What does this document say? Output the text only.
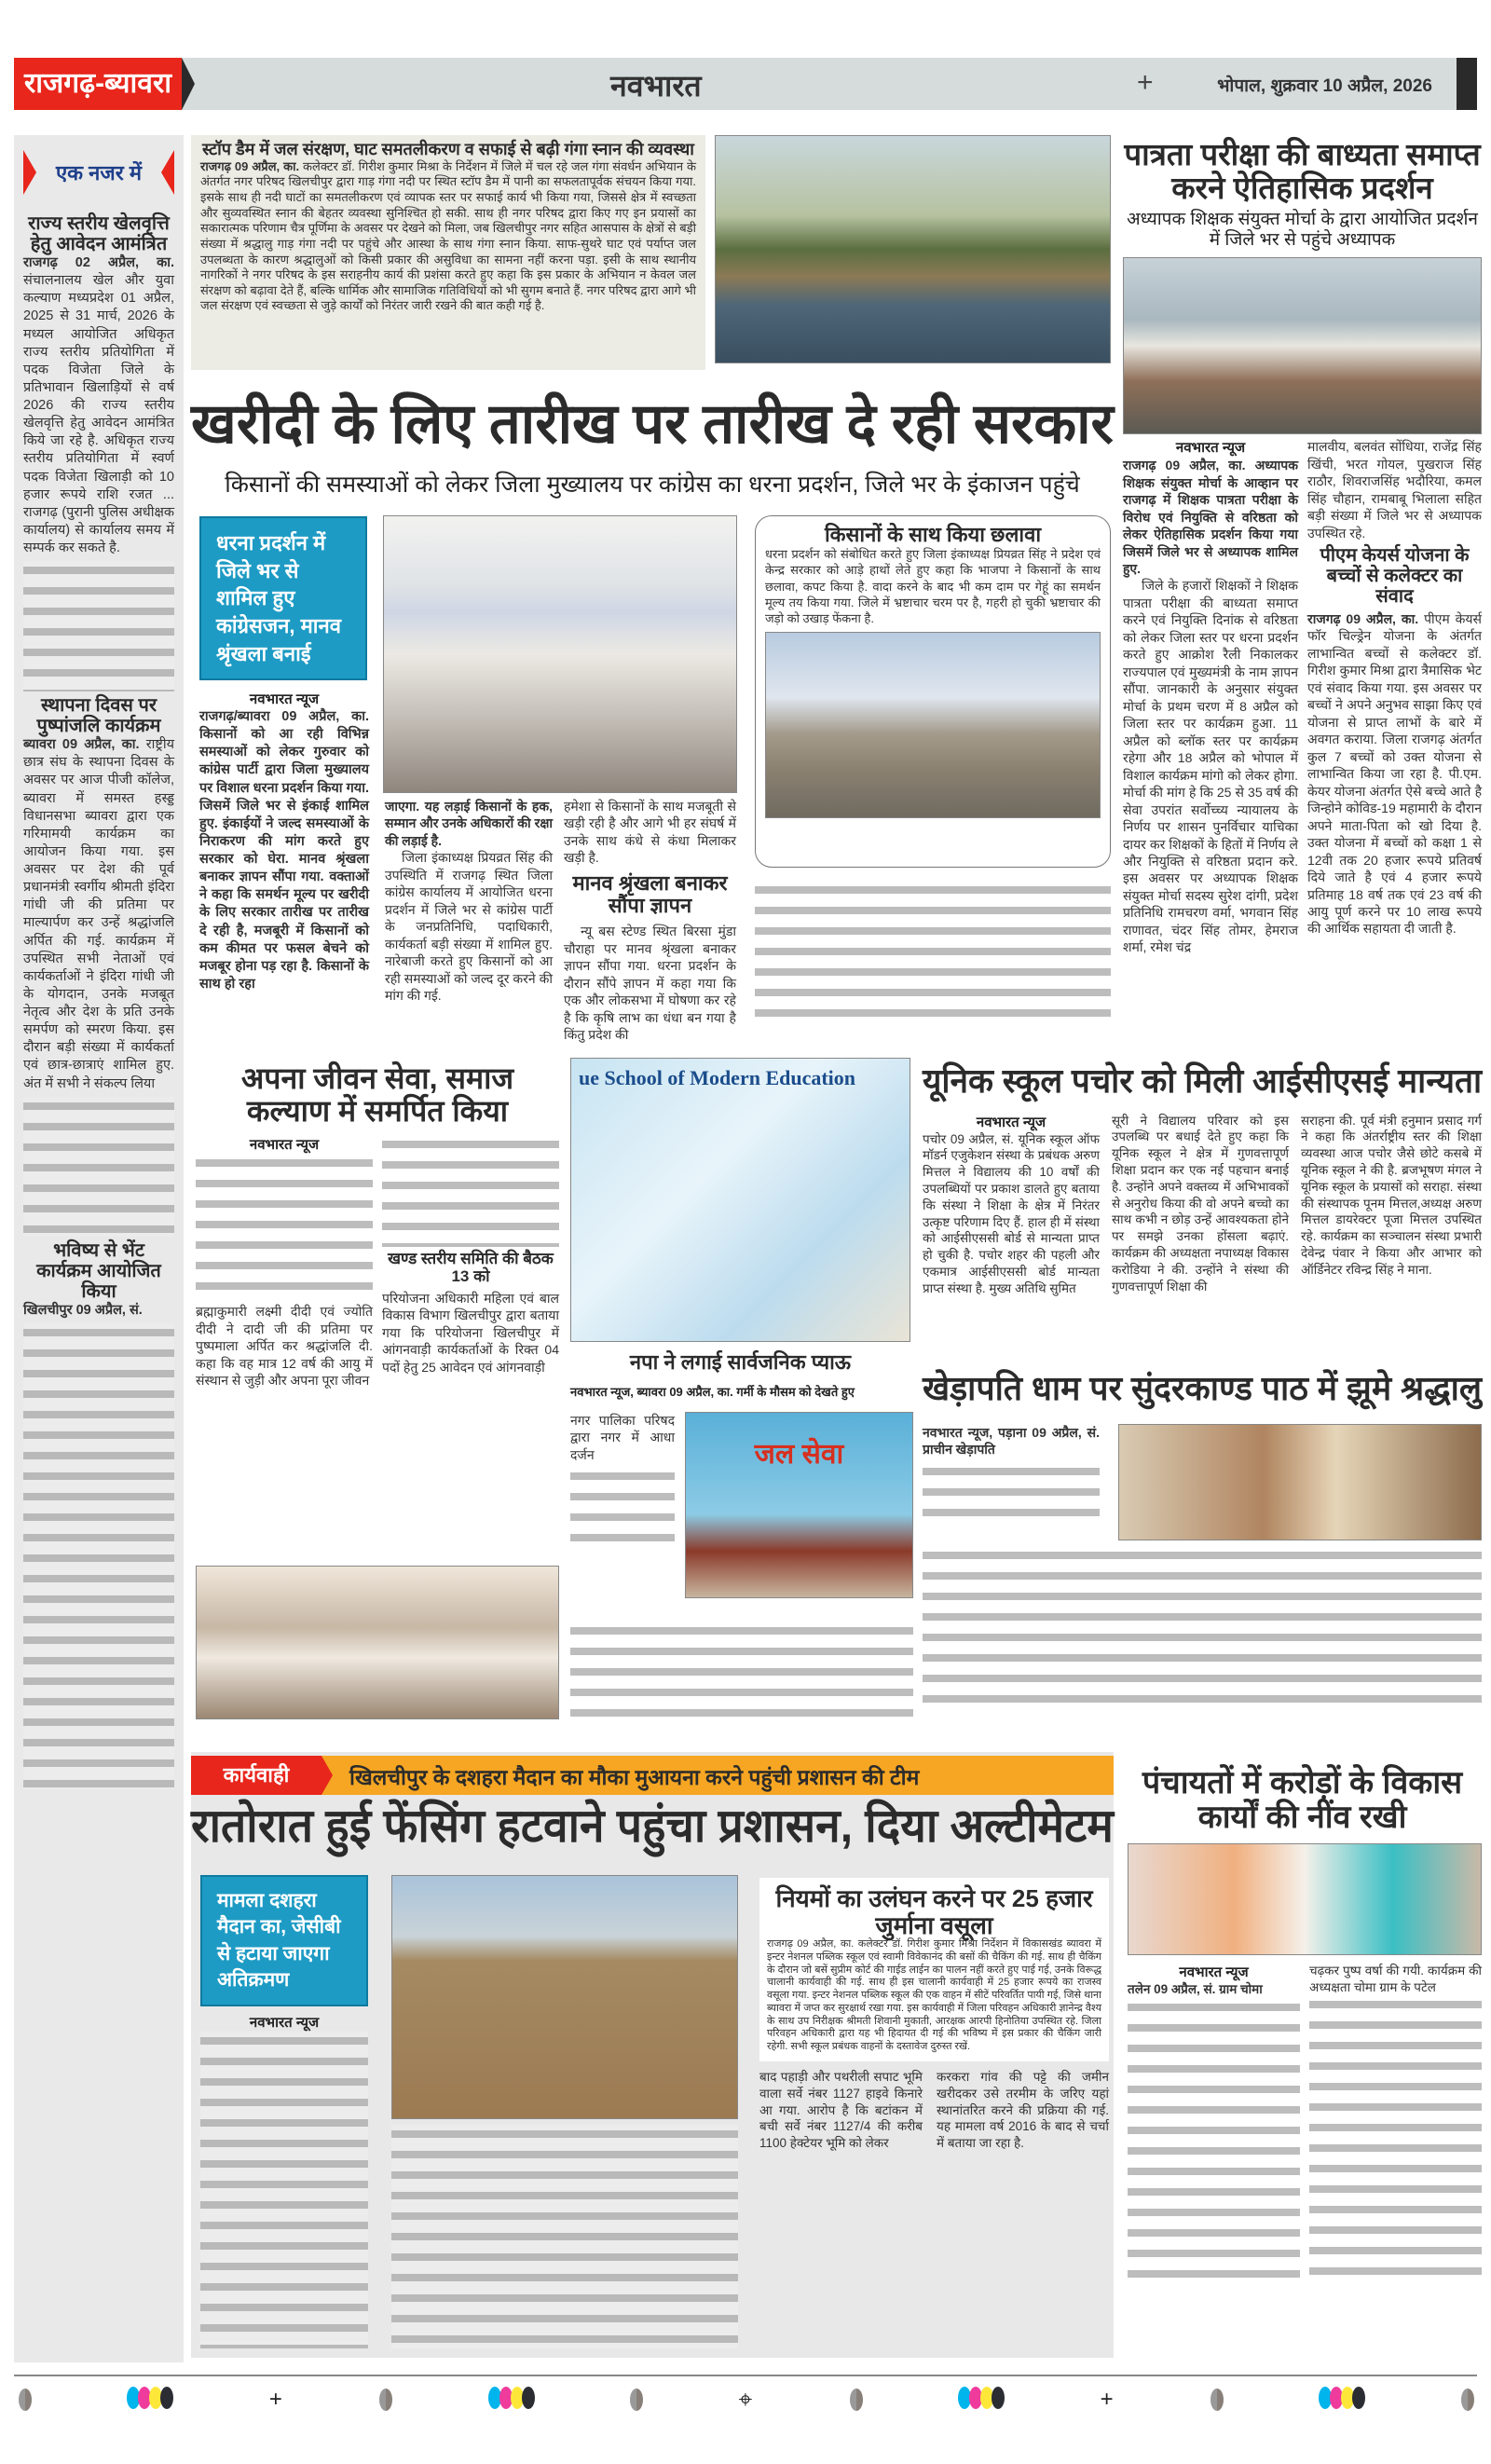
राजगढ़-ब्यावरा	नवभारत	+	भोपाल, शुक्रवार 10 अप्रैल, 2026
एक नजर में
राज्य स्तरीय खेलवृत्ति हेतु आवेदन आमंत्रित
राजगढ़ 02 अप्रैल, का. संचालनालय खेल और युवा कल्याण मध्यप्रदेश 01 अप्रैल, 2025 से 31 मार्च, 2026 के मध्यल आयोजित अधिकृत राज्य स्तरीय प्रतियोगिता में पदक विजेता जिले के प्रतिभावान खिलाड़ियों से वर्ष 2026 की राज्य स्तरीय खेलवृत्ति हेतु आवेदन आमंत्रित किये जा रहे है. अधिकृत राज्य स्तरीय प्रतियोगिता में स्वर्ण पदक विजेता खिलाड़ी को 10 हजार रूपये राशि रजत ... राजगढ़ (पुरानी पुलिस अधीक्षक कार्यालय) से कार्यालय समय में सम्पर्क कर सकते है.
स्थापना दिवस पर पुष्पांजलि कार्यक्रम
ब्यावरा 09 अप्रैल, का. राष्ट्रीय छात्र संघ के स्थापना दिवस के अवसर पर आज पीजी कॉलेज, ब्यावरा में समस्त हस्ड्ड विधानसभा ब्यावरा द्वारा एक गरिमामयी कार्यक्रम का आयोजन किया गया. इस अवसर पर देश की पूर्व प्रधानमंत्री स्वर्गीय श्रीमती इंदिरा गांधी जी की प्रतिमा पर माल्यार्पण कर उन्हें श्रद्धांजलि अर्पित की गई. कार्यक्रम में उपस्थित सभी नेताओं एवं कार्यकर्ताओं ने इंदिरा गांधी जी के योगदान, उनके मजबूत नेतृत्व और देश के प्रति उनके समर्पण को स्मरण किया. इस दौरान बड़ी संख्या में कार्यकर्ता एवं छात्र-छात्राएं शामिल हुए. अंत में सभी ने संकल्प लिया
भविष्य से भेंट कार्यक्रम आयोजित किया
खिलचीपुर 09 अप्रैल, सं.
स्टॉप डैम में जल संरक्षण, घाट समतलीकरण व सफाई से बढ़ी गंगा स्नान की व्यवस्था
राजगढ़ 09 अप्रैल, का. कलेक्टर डॉ. गिरीश कुमार मिश्रा के निर्देशन में जिले में चल रहे जल गंगा संवर्धन अभियान के अंतर्गत नगर परिषद खिलचीपुर द्वारा गाड़ गंगा नदी पर स्थित स्टॉप डैम में पानी का सफलतापूर्वक संचयन किया गया. इसके साथ ही नदी घाटों का समतलीकरण एवं व्यापक स्तर पर सफाई कार्य भी किया गया, जिससे क्षेत्र में स्वच्छता और सुव्यवस्थित स्नान की बेहतर व्यवस्था सुनिश्चित हो सकी. साथ ही नगर परिषद द्वारा किए गए इन प्रयासों का सकारात्मक परिणाम चैत्र पूर्णिमा के अवसर पर देखने को मिला, जब खिलचीपुर नगर सहित आसपास के क्षेत्रों से बड़ी संख्या में श्रद्धालु गाड़ गंगा नदी पर पहुंचे और आस्था के साथ गंगा स्नान किया. साफ-सुथरे घाट एवं पर्याप्त जल उपलब्धता के कारण श्रद्धालुओं को किसी प्रकार की असुविधा का सामना नहीं करना पड़ा. इसी के साथ स्थानीय नागरिकों ने नगर परिषद के इस सराहनीय कार्य की प्रशंसा करते हुए कहा कि इस प्रकार के अभियान न केवल जल संरक्षण को बढ़ावा देते हैं, बल्कि धार्मिक और सामाजिक गतिविधियों को भी सुगम बनाते हैं. नगर परिषद द्वारा आगे भी जल संरक्षण एवं स्वच्छता से जुड़े कार्यों को निरंतर जारी रखने की बात कही गई है.
पात्रता परीक्षा की बाध्यता समाप्त करने ऐतिहासिक प्रदर्शन
अध्यापक शिक्षक संयुक्त मोर्चा के द्वारा आयोजित प्रदर्शन में जिले भर से पहुंचे अध्यापक
नवभारत न्यूज
राजगढ़ 09 अप्रैल, का. अध्यापक शिक्षक संयुक्त मोर्चा के आव्हान पर राजगढ़ में शिक्षक पात्रता परीक्षा के विरोध एवं नियुक्ति से वरिष्ठता को लेकर ऐतिहासिक प्रदर्शन किया गया जिसमें जिले भर से अध्यापक शामिल हुए.
जिले के हजारों शिक्षकों ने शिक्षक पात्रता परीक्षा की बाध्यता समाप्त करने एवं नियुक्ति दिनांक से वरिष्ठता को लेकर जिला स्तर पर धरना प्रदर्शन करते हुए आक्रोश रैली निकालकर राज्यपाल एवं मुख्यमंत्री के नाम ज्ञापन सौंपा. जानकारी के अनुसार संयुक्त मोर्चा के प्रथम चरण में 8 अप्रैल को जिला स्तर पर कार्यक्रम हुआ. 11 अप्रैल को ब्लॉक स्तर पर कार्यक्रम रहेगा और 18 अप्रैल को भोपाल में विशाल कार्यक्रम मांगो को लेकर होगा. मोर्चा की मांग हे कि 25 से 35 वर्ष की सेवा उपरांत सर्वोच्च्य न्यायालय के निर्णय पर शासन पुनर्विचार याचिका दायर कर शिक्षकों के हितों में निर्णय ले और नियुक्ति से वरिष्ठता प्रदान करे. इस अवसर पर अध्यापक शिक्षक संयुक्त मोर्चा सदस्य सुरेश दांगी, प्रदेश प्रतिनिधि रामचरण वर्मा, भगवान सिंह राणावत, चंदर सिंह तोमर, हेमराज शर्मा, रमेश चंद्र
मालवीय, बलवंत सोंधिया, राजेंद्र सिंह खिंची, भरत गोयल, पुखराज सिंह राठौर, शिवराजसिंह भदौरिया, कमल सिंह चौहान, रामबाबू भिलाला सहित बड़ी संख्या में जिले भर से अध्यापक उपस्थित रहे.
पीएम केयर्स योजना के बच्चों से कलेक्टर का संवाद
राजगढ़ 09 अप्रैल, का. पीएम केयर्स फॉर चिल्ड्रेन योजना के अंतर्गत लाभान्वित बच्चों से कलेक्टर डॉ. गिरीश कुमार मिश्रा द्वारा त्रैमासिक भेट एवं संवाद किया गया. इस अवसर पर बच्चों ने अपने अनुभव साझा किए एवं योजना से प्राप्त लाभों के बारे में अवगत कराया. जिला राजगढ़ अंतर्गत कुल 7 बच्चों को उक्त योजना से लाभान्वित किया जा रहा है. पी.एम. केयर योजना अंतर्गत ऐसे बच्चे आते है जिन्होने कोविड-19 महामारी के दौरान अपने माता-पिता को खो दिया है. उक्त योजना में बच्चों को कक्षा 1 से 12वी तक 20 हजार रूपये प्रतिवर्ष दिये जाते है एवं 4 हजार रूपये प्रतिमाह 18 वर्ष तक एवं 23 वर्ष की आयु पूर्ण करने पर 10 लाख रूपये की आर्थिक सहायता दी जाती है.
खरीदी के लिए तारीख पर तारीख दे रही सरकार
किसानों की समस्याओं को लेकर जिला मुख्यालय पर कांग्रेस का धरना प्रदर्शन, जिले भर के इंकाजन पहुंचे
धरना प्रदर्शन में जिले भर से शामिल हुए कांग्रेसजन, मानव श्रृंखला बनाई
नवभारत न्यूज
राजगढ़/ब्यावरा 09 अप्रैल, का. किसानों को आ रही विभिन्न समस्याओं को लेकर गुरुवार को कांग्रेस पार्टी द्वारा जिला मुख्यालय पर विशाल धरना प्रदर्शन किया गया. जिसमें जिले भर से इंकाई शामिल हुए. इंकाईयों ने जल्द समस्याओं के निराकरण की मांग करते हुए सरकार को घेरा. मानव श्रृंखला बनाकर ज्ञापन सौंपा गया. वक्ताओं ने कहा कि समर्थन मूल्य पर खरीदी के लिए सरकार तारीख पर तारीख दे रही है, मजबूरी में किसानों को कम कीमत पर फसल बेचने को मजबूर होना पड़ रहा है. किसानों के साथ हो रहा
जाएगा. यह लड़ाई किसानों के हक, सम्मान और उनके अधिकारों की रक्षा की लड़ाई है.
जिला इंकाध्यक्ष प्रियव्रत सिंह की उपस्थिति में राजगढ़ स्थित जिला कांग्रेस कार्यालय में आयोजित धरना प्रदर्शन में जिले भर से कांग्रेस पार्टी के जनप्रतिनिधि, पदाधिकारी, कार्यकर्ता बड़ी संख्या में शामिल हुए. नारेबाजी करते हुए किसानों को आ रही समस्याओं को जल्द दूर करने की मांग की गई.
हमेशा से किसानों के साथ मजबूती से खड़ी रही है और आगे भी हर संघर्ष में उनके साथ कंधे से कंधा मिलाकर खड़ी है.
मानव श्रृंखला बनाकर सौंपा ज्ञापन
न्यू बस स्टेण्ड स्थित बिरसा मुंडा चौराहा पर मानव श्रृंखला बनाकर ज्ञापन सौंपा गया. धरना प्रदर्शन के दौरान सौंपे ज्ञापन में कहा गया कि एक और लोकसभा में घोषणा कर रहे है कि कृषि लाभ का धंधा बन गया है किंतु प्रदेश की
किसानों के साथ किया छलावा
धरना प्रदर्शन को संबोधित करते हुए जिला इंकाध्यक्ष प्रियव्रत सिंह ने प्रदेश एवं केन्द्र सरकार को आड़े हाथों लेते हुए कहा कि भाजपा ने किसानों के साथ छलावा, कपट किया है. वादा करने के बाद भी कम दाम पर गेहूं का समर्थन मूल्य तय किया गया. जिले में भ्रष्टाचार चरम पर है, गहरी हो चुकी भ्रष्टाचार की जड़ो को उखाड़ फेंकना है.
अपना जीवन सेवा, समाज कल्याण में समर्पित किया
नवभारत न्यूज
ब्रह्माकुमारी लक्ष्मी दीदी एवं ज्योति दीदी ने दादी जी की प्रतिमा पर पुष्पमाला अर्पित कर श्रद्धांजलि दी. कहा कि वह मात्र 12 वर्ष की आयु में संस्थान से जुड़ी और अपना पूरा जीवन
खण्ड स्तरीय समिति की बैठक 13 को
परियोजना अधिकारी महिला एवं बाल विकास विभाग खिलचीपुर द्वारा बताया गया कि परियोजना खिलचीपुर में आंगनवाड़ी कार्यकर्ताओं के रिक्त 04 पदों हेतु 25 आवेदन एवं आंगनवाड़ी
ue School of Modern Education
नपा ने लगाई सार्वजनिक प्याऊ
नवभारत न्यूज, ब्यावरा 09 अप्रैल, का. गर्मी के मौसम को देखते हुए
नगर पालिका परिषद द्वारा नगर में आधा दर्जन	जल सेवा
यूनिक स्कूल पचोर को मिली आईसीएसई मान्यता
नवभारत न्यूज
पचोर 09 अप्रैल, सं. यूनिक स्कूल ऑफ मॉडर्न एजुकेशन संस्था के प्रबंधक अरुण मित्तल ने विद्यालय की 10 वर्षों की उपलब्धियों पर प्रकाश डालते हुए बताया कि संस्था ने शिक्षा के क्षेत्र में निरंतर उत्कृष्ट परिणाम दिए हैं. हाल ही में संस्था को आईसीएससी बोर्ड से मान्यता प्राप्त हो चुकी है. पचोर शहर की पहली और एकमात्र आईसीएससी बोर्ड मान्यता प्राप्त संस्था है. मुख्य अतिथि सुमित
सूरी ने विद्यालय परिवार को इस उपलब्धि पर बधाई देते हुए कहा कि यूनिक स्कूल ने क्षेत्र में गुणवत्तापूर्ण शिक्षा प्रदान कर एक नई पहचान बनाई है. उन्होंने अपने वक्तव्य में अभिभावकों से अनुरोध किया की वो अपने बच्चो का साथ कभी न छोड़ उन्हें आवश्यकता होने पर समझे उनका होंसला बढ़ाएं. कार्यक्रम की अध्यक्षता नपाध्यक्ष विकास करोडिया ने की. उन्होंने ने संस्था की गुणवत्तापूर्ण शिक्षा की
सराहना की. पूर्व मंत्री हनुमान प्रसाद गर्ग ने कहा कि अंतर्राष्ट्रीय स्तर की शिक्षा व्यवस्था आज पचोर जैसे छोटे कसबे में यूनिक स्कूल ने की है. ब्रजभूषण मंगल ने यूनिक स्कूल के प्रयासों को सराहा. संस्था की संस्थापक पूनम मित्तल,अध्यक्ष अरुण मित्तल डायरेक्टर पूजा मित्तल उपस्थित रहे. कार्यक्रम का सञ्चालन संस्था प्रभारी देवेन्द्र पंवार ने किया और आभार को ऑर्डिनेटर रविन्द्र सिंह ने माना.
खेड़ापति धाम पर सुंदरकाण्ड पाठ में झूमे श्रद्धालु
नवभारत न्यूज, पड़ाना 09 अप्रैल, सं. प्राचीन खेड़ापति
कार्यवाही	खिलचीपुर के दशहरा मैदान का मौका मुआयना करने पहुंची प्रशासन की टीम
रातोरात हुई फेंसिंग हटवाने पहुंचा प्रशासन, दिया अल्टीमेटम
मामला दशहरा मैदान का, जेसीबी से हटाया जाएगा अतिक्रमण
नवभारत न्यूज
नियमों का उलंघन करने पर 25 हजार जुर्माना वसूला
राजगढ़ 09 अप्रैल, का. कलेक्टर डॉ. गिरीश कुमार मिश्रा निर्देशन में विकासखंड ब्यावरा में इन्टर नेशनल पब्लिक स्कूल एवं स्वामी विवेकानंद की बसों की चैकिंग की गई. साथ ही चैकिंग के दौरान जो बसें सुप्रीम कोर्ट की गाईड लाईन का पालन नहीं करते हुए पाई गई, उनके विरूद्ध चालानी कार्यवाही की गई. साथ ही इस चालानी कार्यवाही में 25 हजार रूपये का राजस्व वसूला गया. इन्टर नेशनल पब्लिक स्कूल की एक वाहन में सीटें परिवर्तित पायी गई, जिसे थाना ब्यावरा में जप्त कर सुरक्षार्थ रखा गया. इस कार्यवाही में जिला परिवहन अधिकारी ज्ञानेन्द्र वैश्य के साथ उप निरीक्षक श्रीमती शिवानी मुकाती, आरक्षक आरपी हिनोतिया उपस्थित रहे. जिला परिवहन अधिकारी द्वारा यह भी हिदायत दी गई की भविष्य में इस प्रकार की चैकिंग जारी रहेगी. सभी स्कूल प्रबंधक वाहनों के दस्तावेज दुरुस्त रखें.
बाद पहाड़ी और पथरीली सपाट भूमि वाला सर्वे नंबर 1127 हाइवे किनारे आ गया. आरोप है कि बटांकन में बची सर्वे नंबर 1127/4 की करीब 1100 हेक्टेयर भूमि को लेकर
करकरा गांव की पट्टे की जमीन खरीदकर उसे तरमीम के जरिए यहां स्थानांतरित करने की प्रक्रिया की गई. यह मामला वर्ष 2016 के बाद से चर्चा में बताया जा रहा है.
पंचायतों में करोड़ों के विकास कार्यों की नींव रखी
नवभारत न्यूज
तलेन 09 अप्रैल, सं. ग्राम चोमा
चढ़कर पुष्प वर्षा की गयी. कार्यक्रम की अध्यक्षता चोमा ग्राम के पटेल
+	⌖	+
